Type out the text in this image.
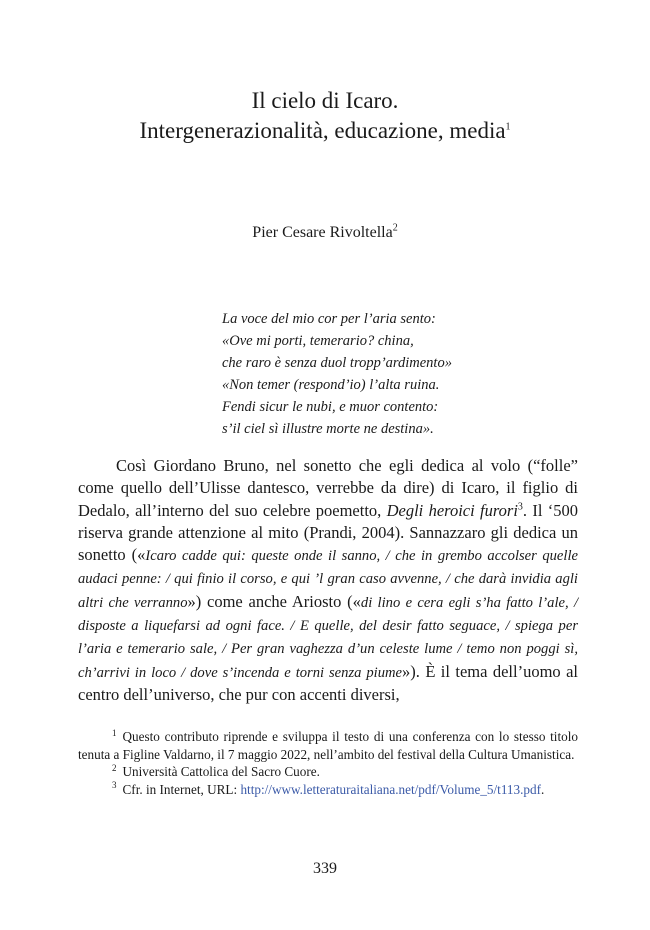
Il cielo di Icaro.
Intergenerazionalità, educazione, media$^1$
Pier Cesare Rivoltella$^2$
La voce del mio cor per l’aria sento:
«Ove mi porti, temerario? china,
che raro è senza duol tropp’ardimento»
«Non temer (respond’io) l’alta ruina.
Fendi sicur le nubi, e muor contento:
s’il ciel sì illustre morte ne destina».

Così Giordano Bruno, nel sonetto che egli dedica al volo (“folle” come quello dell’Ulisse dantesco, verrebbe da dire) di Icaro, il figlio di Dedalo, all’interno del suo celebre poemetto, Degli heroici furori$^3$. Il ‘500 riserva grande attenzione al mito (Prandi, 2004). Sannazzaro gli dedica un sonetto («Icaro cadde qui: queste onde il sanno, / che in grembo accolser quelle audaci penne: / qui finio il corso, e qui ’l gran caso avvenne, / che darà invidia agli altri che verranno») come anche Ariosto («di lino e cera egli s’ha fatto l’ale, / disposte a liquefarsi ad ogni face. / E quelle, del desir fatto seguace, / spiega per l’aria e temerario sale, / Per gran vaghezza d’un celeste lume / temo non poggi sì, ch’arrivi in loco / dove s’incenda e torni senza piume»). È il tema dell’uomo al centro dell’universo, che pur con accenti diversi,

$^1$ Questo contributo riprende e sviluppa il testo di una conferenza con lo stesso titolo tenuta a Figline Valdarno, il 7 maggio 2022, nell’ambito del festival della Cultura Umanistica.

$^2$ Università Cattolica del Sacro Cuore.

$^3$ Cfr. in Internet, URL: http://www.letteraturaitaliana.net/pdf/Volume_5/t113.pdf.

339
